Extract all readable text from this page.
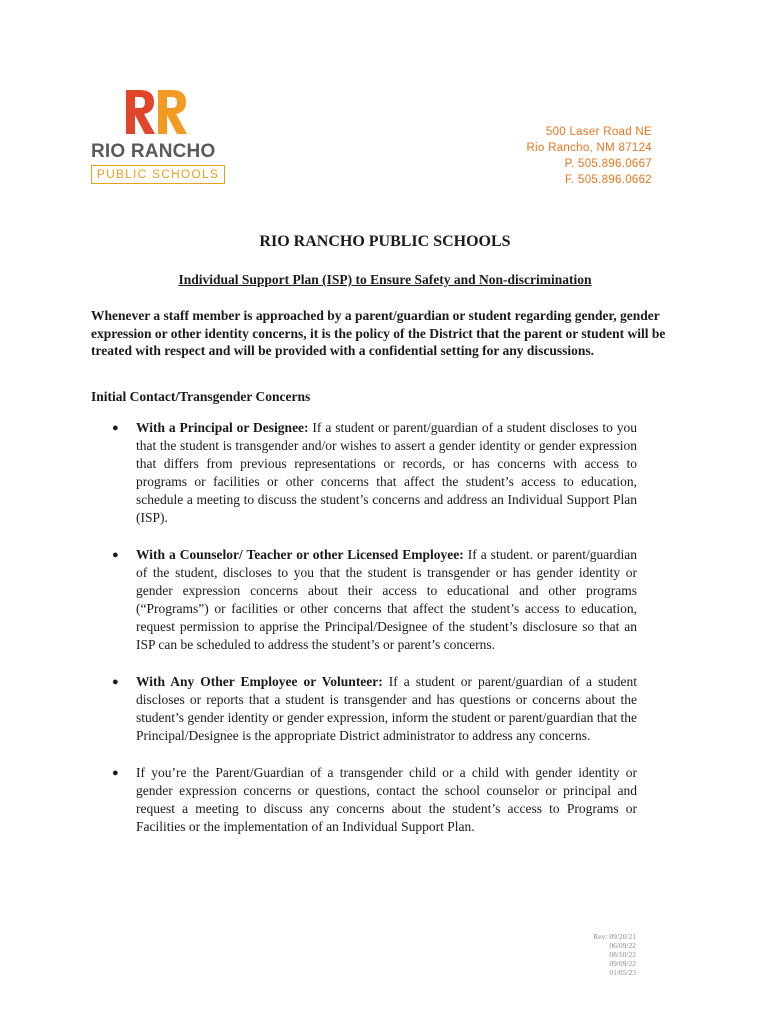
RIO RANCHO
PUBLIC SCHOOLS
500 Laser Road NE
Rio Rancho, NM 87124
P. 505.896.0667
F. 505.896.0662
RIO RANCHO PUBLIC SCHOOLS
Individual Support Plan (ISP) to Ensure Safety and Non-discrimination

Whenever a staff member is approached by a parent/guardian or student regarding gender, gender expression or other identity concerns, it is the policy of the District that the parent or student will be treated with respect and will be provided with a confidential setting for any discussions.

Initial Contact/Transgender Concerns

● With a Principal or Designee: If a student or parent/guardian of a student discloses to you that the student is transgender and/or wishes to assert a gender identity or gender expression that differs from previous representations or records, or has concerns with access to programs or facilities or other concerns that affect the student’s access to education, schedule a meeting to discuss the student’s concerns and address an Individual Support Plan (ISP).
● With a Counselor/ Teacher or other Licensed Employee: If a student. or parent/guardian of the student, discloses to you that the student is transgender or has gender identity or gender expression concerns about their access to educational and other programs (“Programs”) or facilities or other concerns that affect the student’s access to education, request permission to apprise the Principal/Designee of the student’s disclosure so that an ISP can be scheduled to address the student’s or parent’s concerns.
● With Any Other Employee or Volunteer: If a student or parent/guardian of a student discloses or reports that a student is transgender and has questions or concerns about the student’s gender identity or gender expression, inform the student or parent/guardian that the Principal/Designee is the appropriate District administrator to address any concerns.
● If you’re the Parent/Guardian of a transgender child or a child with gender identity or gender expression concerns or questions, contact the school counselor or principal and request a meeting to discuss any concerns about the student’s access to Programs or Facilities or the implementation of an Individual Support Plan.
Rev: 09/20/21
06/09/22
08/10/22
09/09/22
01/05/23
